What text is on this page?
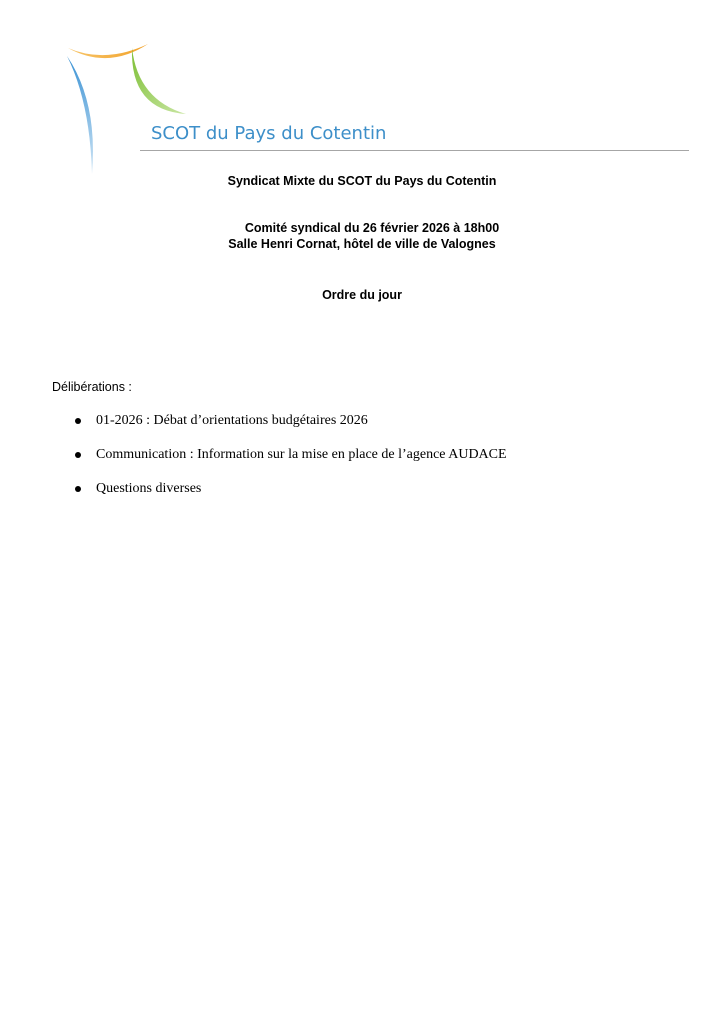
SCOT du Pays du Cotentin
Syndicat Mixte du SCOT du Pays du Cotentin
Comité syndical du 26 février 2026 à 18h00
Salle Henri Cornat, hôtel de ville de Valognes
Ordre du jour
Délibérations :
01-2026 : Débat d’orientations budgétaires 2026
Communication : Information sur la mise en place de l’agence AUDACE
Questions diverses
